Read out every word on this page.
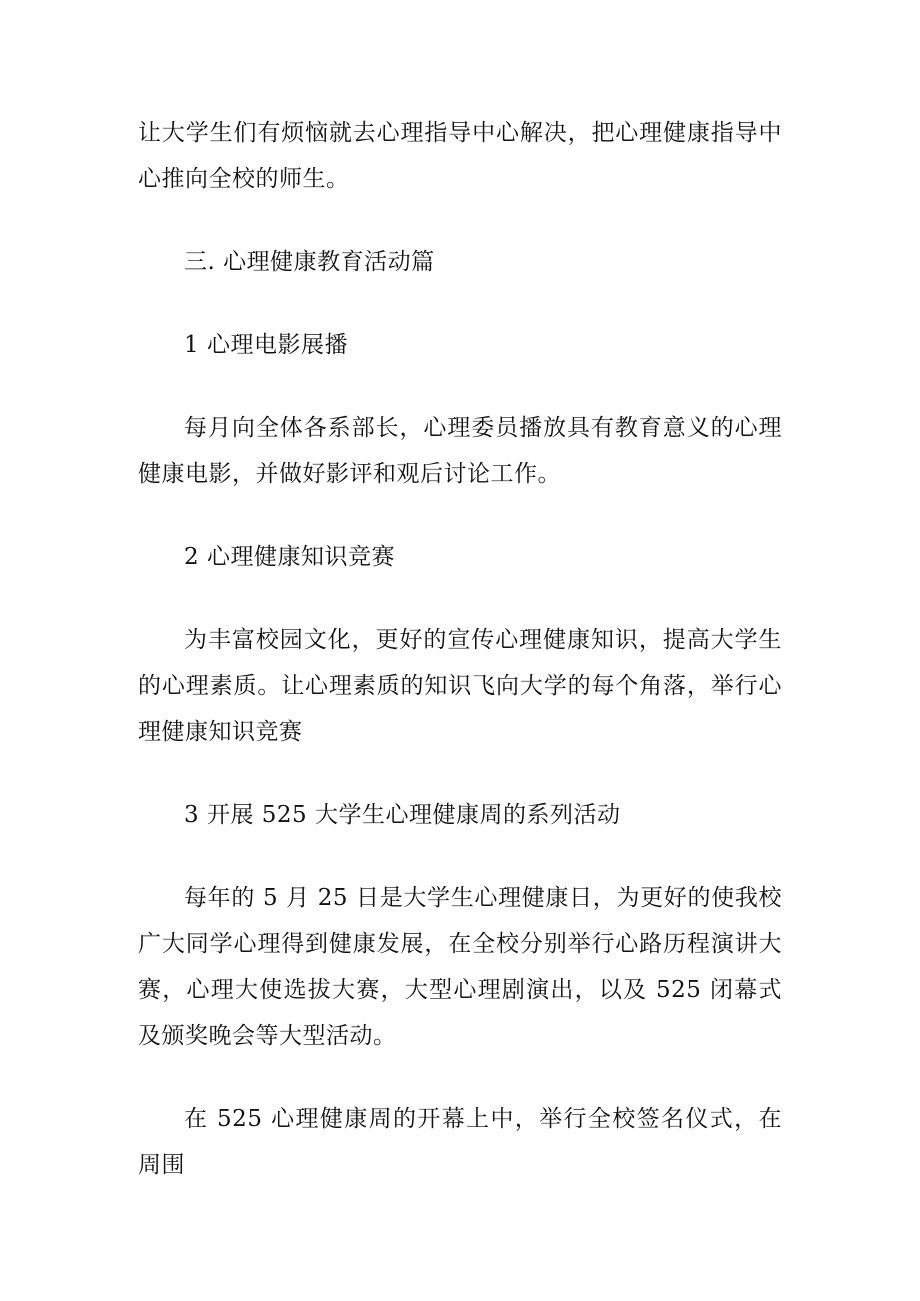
让大学生们有烦恼就去心理指导中心解决，把心理健康指导中心推向全校的师生。

三. 心理健康教育活动篇

1 心理电影展播

每月向全体各系部长，心理委员播放具有教育意义的心理健康电影，并做好影评和观后讨论工作。

2 心理健康知识竞赛

为丰富校园文化，更好的宣传心理健康知识，提高大学生的心理素质。让心理素质的知识飞向大学的每个角落，举行心理健康知识竞赛

3 开展 525 大学生心理健康周的系列活动

每年的 5 月 25 日是大学生心理健康日，为更好的使我校广大同学心理得到健康发展，在全校分别举行心路历程演讲大赛，心理大使选拔大赛，大型心理剧演出，以及 525 闭幕式及颁奖晚会等大型活动。

在 525 心理健康周的开幕上中，举行全校签名仪式，在周围
